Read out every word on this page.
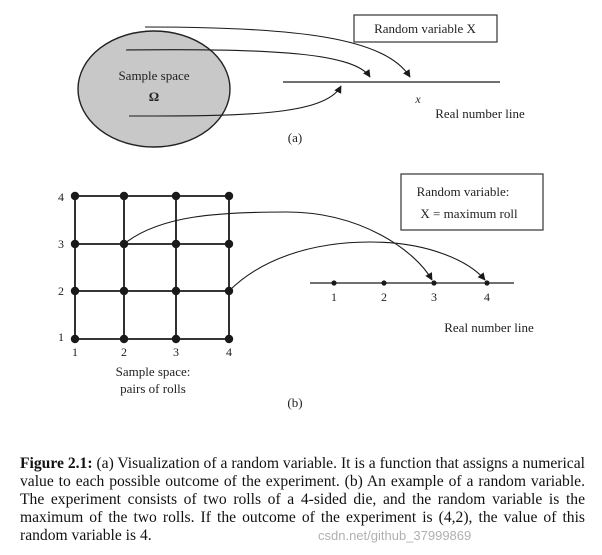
Sample space
Ω
Random variable X
x
Real number line
(a)
4
3
2
1
1	2	3	4
Sample space:
pairs of rolls
Random variable:
X = maximum roll
1	2	3	4
Real number line
(b)
Figure 2.1: (a) Visualization of a random variable. It is a function that assigns a numerical value to each possible outcome of the experiment. (b) An example of a random variable. The experiment consists of two rolls of a 4-sided die, and the random variable is the maximum of the two rolls. If the outcome of the experiment is (4,2), the value of this random variable is 4.	csdn.net/github_37999869
